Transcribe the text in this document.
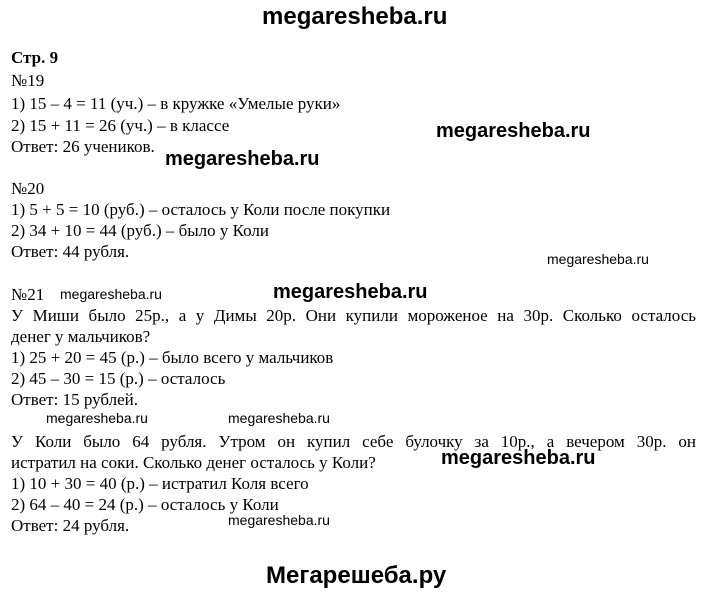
megaresheba.ru
Стр. 9
№19
1) 15 – 4 = 11 (уч.) – в кружке «Умелые руки»
2) 15 + 11 = 26 (уч.) – в классе
Ответ: 26 учеников.
№20
1) 5 + 5 = 10 (руб.) – осталось у Коли после покупки
2) 34 + 10 = 44 (руб.) – было у Коли
Ответ: 44 рубля.
№21
У Миши было 25р., а у Димы 20р. Они купили мороженое на 30р. Сколько осталось
денег у мальчиков?
1) 25 + 20 = 45 (р.) – было всего у мальчиков
2) 45 – 30 = 15 (р.) – осталось
Ответ: 15 рублей.
У Коли было 64 рубля. Утром он купил себе булочку за 10р., а вечером 30р. он
истратил на соки. Сколько денег осталось у Коли?
1) 10 + 30 = 40 (р.) – истратил Коля всего
2) 64 – 40 = 24 (р.) – осталось у Коли
Ответ: 24 рубля.
megaresheba.ru
megaresheba.ru
megaresheba.ru
megaresheba.ru	megaresheba.ru
megaresheba.ru	megaresheba.ru
megaresheba.ru
megaresheba.ru
Мегарешеба.ру
